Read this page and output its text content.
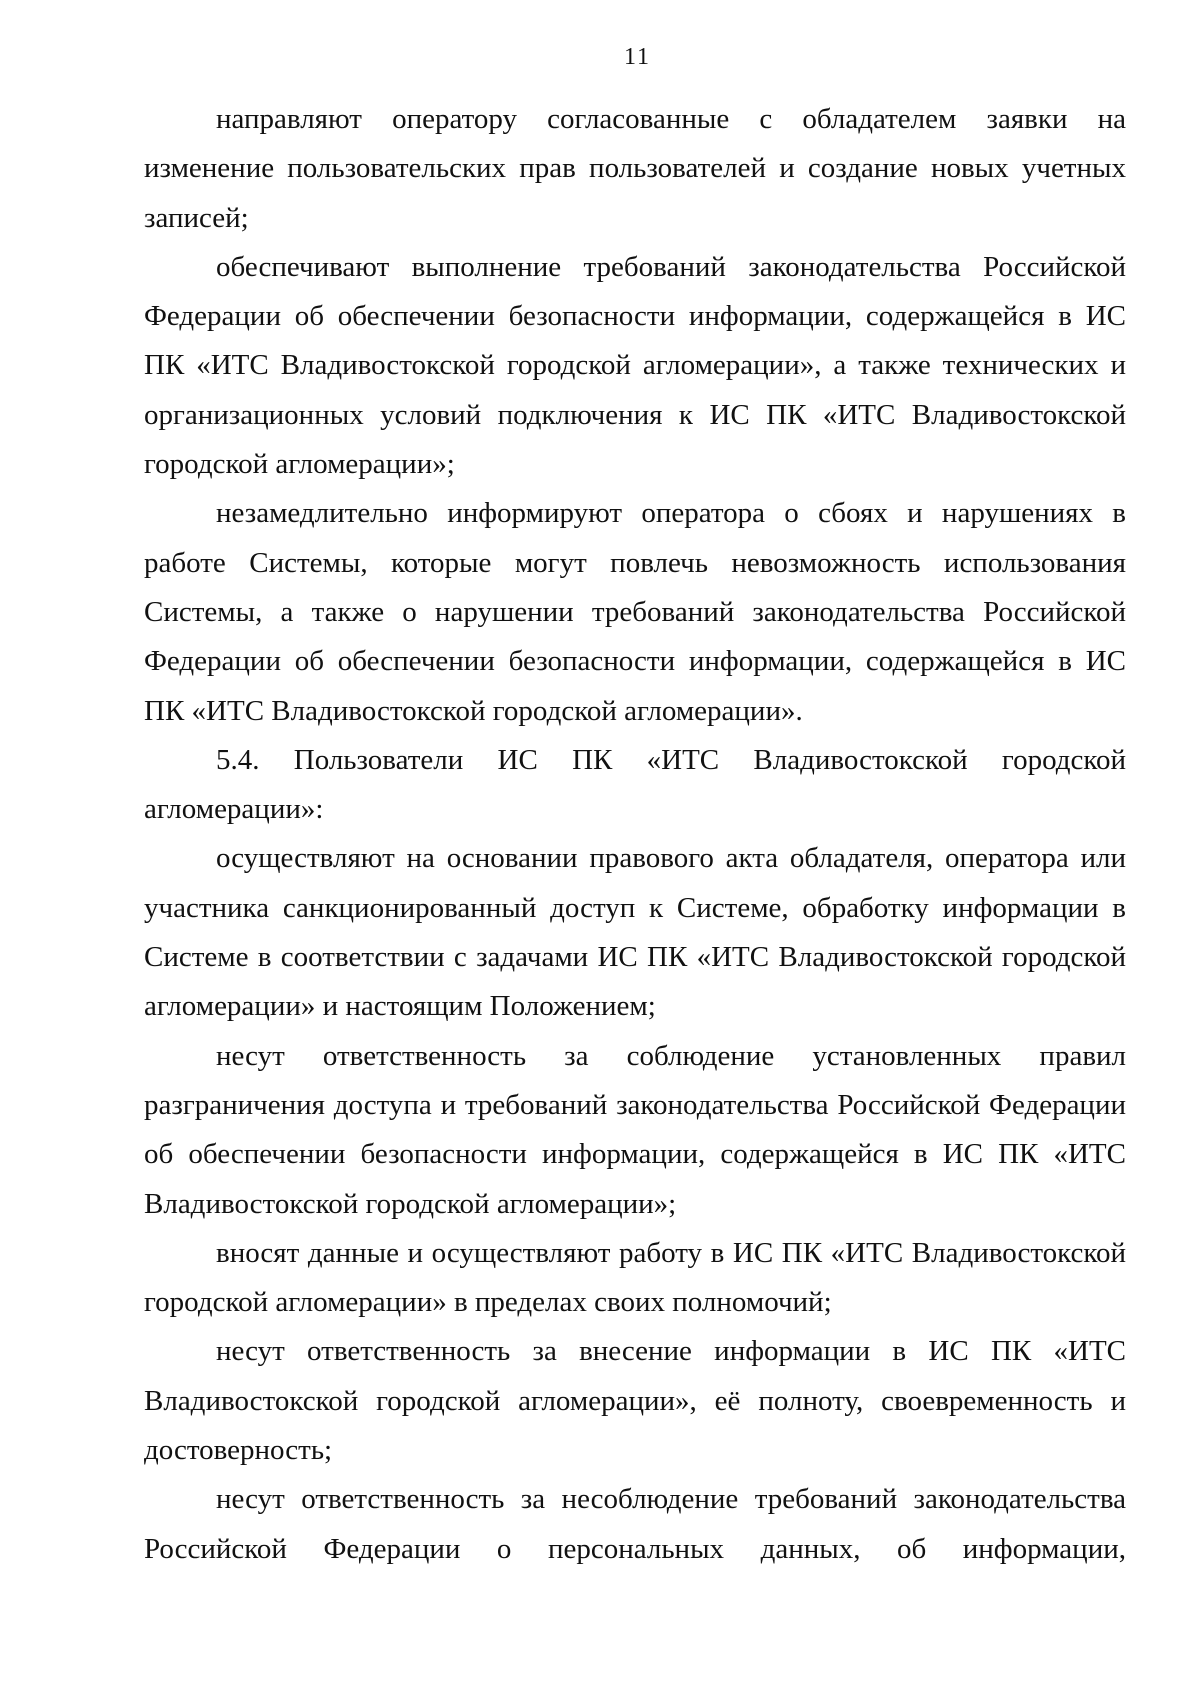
11

направляют оператору согласованные с обладателем заявки на изменение пользовательских прав пользователей и создание новых учетных записей;

обеспечивают выполнение требований законодательства Российской Федерации об обеспечении безопасности информации, содержащейся в ИС ПК «ИТС Владивостокской городской агломерации», а также технических и организационных условий подключения к ИС ПК «ИТС Владивостокской городской агломерации»;

незамедлительно информируют оператора о сбоях и нарушениях в работе Системы, которые могут повлечь невозможность использования Системы, а также о нарушении требований законодательства Российской Федерации об обеспечении безопасности информации, содержащейся в ИС ПК «ИТС Владивостокской городской агломерации».

5.4. Пользователи ИС ПК «ИТС Владивостокской городской агломерации»:

осуществляют на основании правового акта обладателя, оператора или участника санкционированный доступ к Системе, обработку информации в Системе в соответствии с задачами ИС ПК «ИТС Владивостокской городской агломерации» и настоящим Положением;

несут ответственность за соблюдение установленных правил разграничения доступа и требований законодательства Российской Федерации об обеспечении безопасности информации, содержащейся в ИС ПК «ИТС Владивостокской городской агломерации»;

вносят данные и осуществляют работу в ИС ПК «ИТС Владивостокской городской агломерации» в пределах своих полномочий;

несут ответственность за внесение информации в ИС ПК «ИТС Владивостокской городской агломерации», её полноту, своевременность и достоверность;

несут ответственность за несоблюдение требований законодательства Российской Федерации о персональных данных, об информации,
